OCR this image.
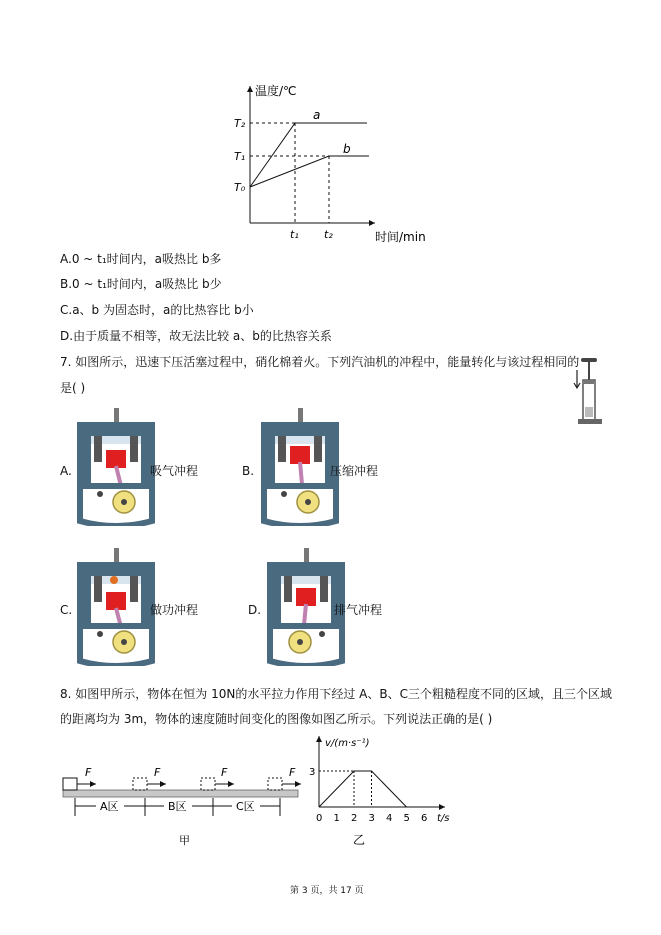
温度/℃
时间/min
T₂
T₁
T₀
t₁ t₂
a
b
A.0 ~ t₁时间内，a吸热比 b多
B.0 ~ t₁时间内，a吸热比 b少
C.a、b 为固态时，a的比热容比 b小
D.由于质量不相等，故无法比较 a、b的比热容关系
7. 如图所示，迅速下压活塞过程中，硝化棉着火。下列汽油机的冲程中，能量转化与该过程相同的
是( )
A.	吸气冲程	B.	压缩冲程
C.	做功冲程	D.	排气冲程
8. 如图甲所示，物体在恒为 10N的水平拉力作用下经过 A、B、C三个粗糙程度不同的区域，且三个区域
的距离均为 3m，物体的速度随时间变化的图像如图乙所示。下列说法正确的是( )
F	F	F	F
A区	B区	C区
甲
v/(m·s⁻¹)
t/s
0 1 2 3 4 5 6
3
乙
第 3 页，共 17 页
